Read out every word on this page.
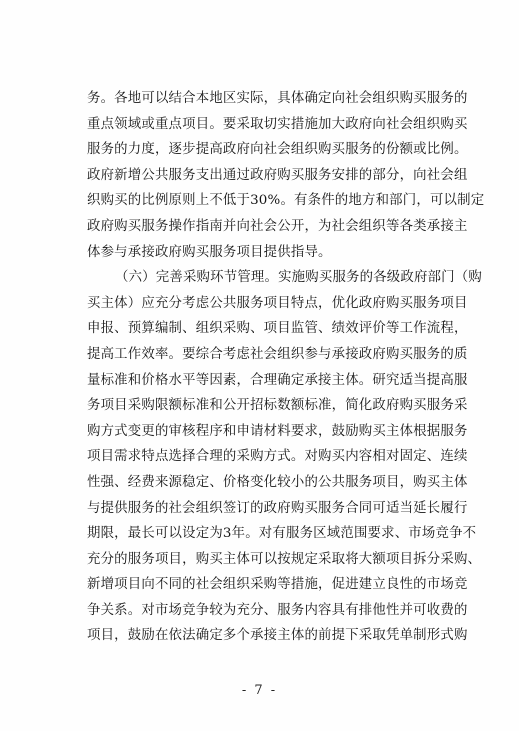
务。各地可以结合本地区实际，具体确定向社会组织购买服务的
重点领域或重点项目。要采取切实措施加大政府向社会组织购买
服务的力度，逐步提高政府向社会组织购买服务的份额或比例。
政府新增公共服务支出通过政府购买服务安排的部分，向社会组
织购买的比例原则上不低于30%。有条件的地方和部门，可以制定
政府购买服务操作指南并向社会公开，为社会组织等各类承接主
体参与承接政府购买服务项目提供指导。
（六）完善采购环节管理。实施购买服务的各级政府部门（购
买主体）应充分考虑公共服务项目特点，优化政府购买服务项目
申报、预算编制、组织采购、项目监管、绩效评价等工作流程，
提高工作效率。要综合考虑社会组织参与承接政府购买服务的质
量标准和价格水平等因素，合理确定承接主体。研究适当提高服
务项目采购限额标准和公开招标数额标准，简化政府购买服务采
购方式变更的审核程序和申请材料要求，鼓励购买主体根据服务
项目需求特点选择合理的采购方式。对购买内容相对固定、连续
性强、经费来源稳定、价格变化较小的公共服务项目，购买主体
与提供服务的社会组织签订的政府购买服务合同可适当延长履行
期限，最长可以设定为3年。对有服务区域范围要求、市场竞争不
充分的服务项目，购买主体可以按规定采取将大额项目拆分采购、
新增项目向不同的社会组织采购等措施，促进建立良性的市场竞
争关系。对市场竞争较为充分、服务内容具有排他性并可收费的
项目，鼓励在依法确定多个承接主体的前提下采取凭单制形式购
- 7 -
